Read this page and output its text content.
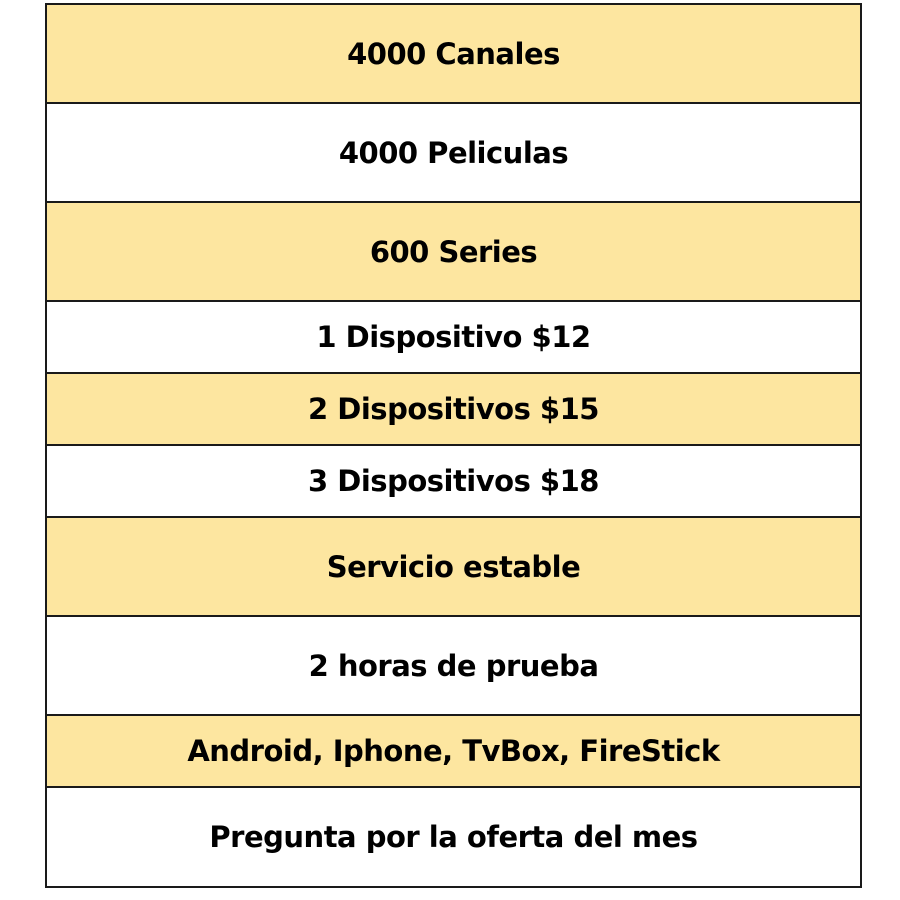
4000 Canales
4000 Peliculas
600 Series
1 Dispositivo $12
2 Dispositivos $15
3 Dispositivos $18
Servicio estable
2 horas de prueba
Android, Iphone, TvBox, FireStick
Pregunta por la oferta del mes
